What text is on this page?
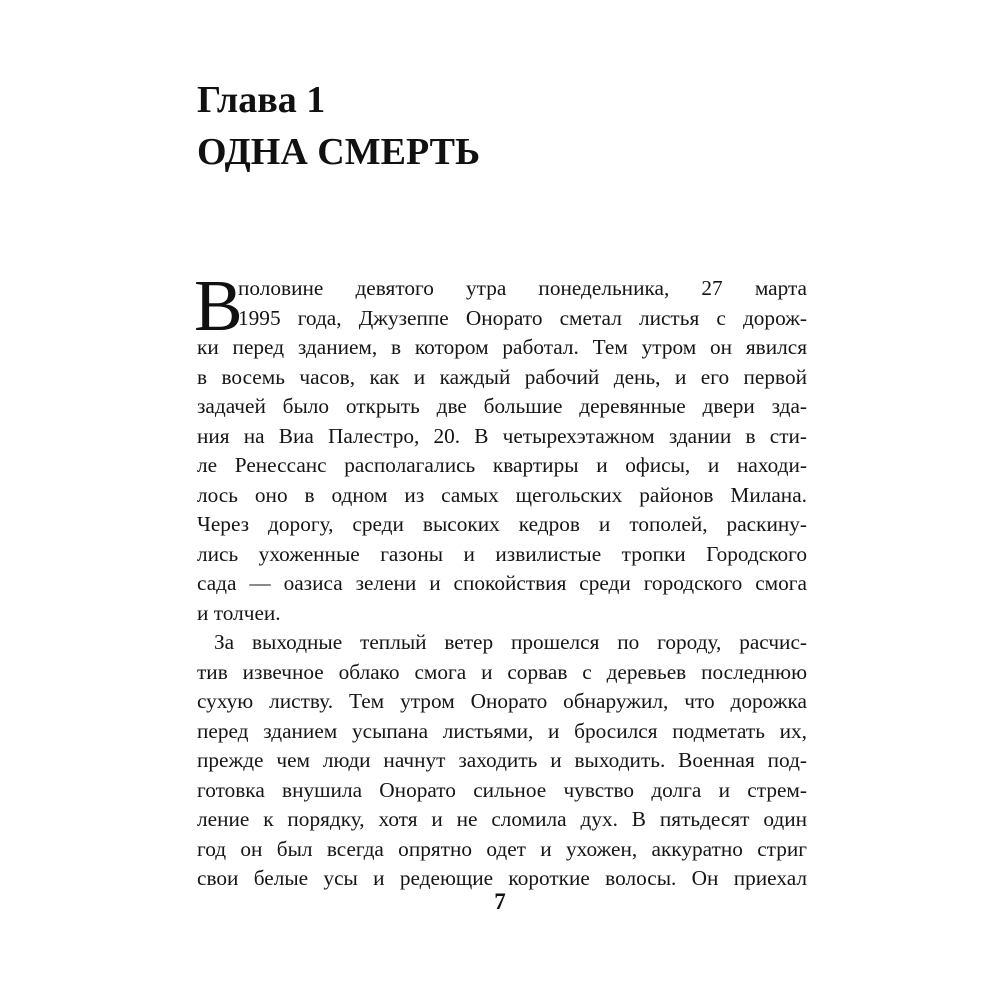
Глава 1
ОДНА СМЕРТЬ
В
половине девятого утра понедельника, 27 марта
1995 года, Джузеппе Онорато сметал листья с дорож-
ки перед зданием, в котором работал. Тем утром он явился
в восемь часов, как и каждый рабочий день, и его первой
задачей было открыть две большие деревянные двери зда-
ния на Виа Палестро, 20. В четырехэтажном здании в сти-
ле Ренессанс располагались квартиры и офисы, и находи-
лось оно в одном из самых щегольских районов Милана.
Через дорогу, среди высоких кедров и тополей, раскину-
лись ухоженные газоны и извилистые тропки Городского
сада — оазиса зелени и спокойствия среди городского смога
и толчеи.
За выходные теплый ветер прошелся по городу, расчис-
тив извечное облако смога и сорвав с деревьев последнюю
сухую листву. Тем утром Онорато обнаружил, что дорожка
перед зданием усыпана листьями, и бросился подметать их,
прежде чем люди начнут заходить и выходить. Военная под-
готовка внушила Онорато сильное чувство долга и стрем-
ление к порядку, хотя и не сломила дух. В пятьдесят один
год он был всегда опрятно одет и ухожен, аккуратно стриг
свои белые усы и редеющие короткие волосы. Он приехал
7
